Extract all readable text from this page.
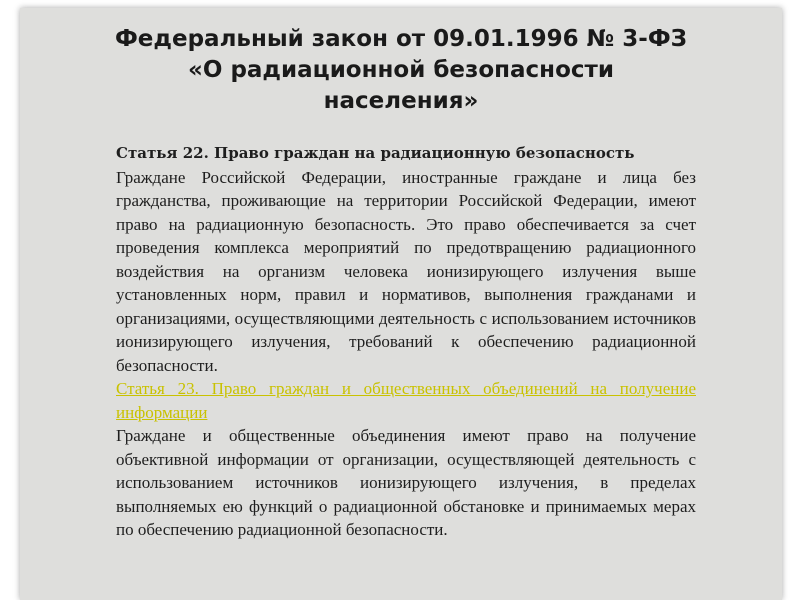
Федеральный закон от 09.01.1996 № 3-ФЗ
«О радиационной безопасности
населения»
Статья 22. Право граждан на радиационную безопасность

Граждане Российской Федерации, иностранные граждане и лица без гражданства, проживающие на территории Российской Федерации, имеют право на радиационную безопасность. Это право обеспечивается за счет проведения комплекса мероприятий по предотвращению радиационного воздействия на организм человека ионизирующего излучения выше установленных норм, правил и нормативов, выполнения гражданами и организациями, осуществляющими деятельность с использованием источников ионизирующего излучения, требований к обеспечению радиационной безопасности.

Статья 23. Право граждан и общественных объединений на получение информации

Граждане и общественные объединения имеют право на получение объективной информации от организации, осуществляющей деятельность с использованием источников ионизирующего излучения, в пределах выполняемых ею функций о радиационной обстановке и принимаемых мерах по обеспечению радиационной безопасности.
